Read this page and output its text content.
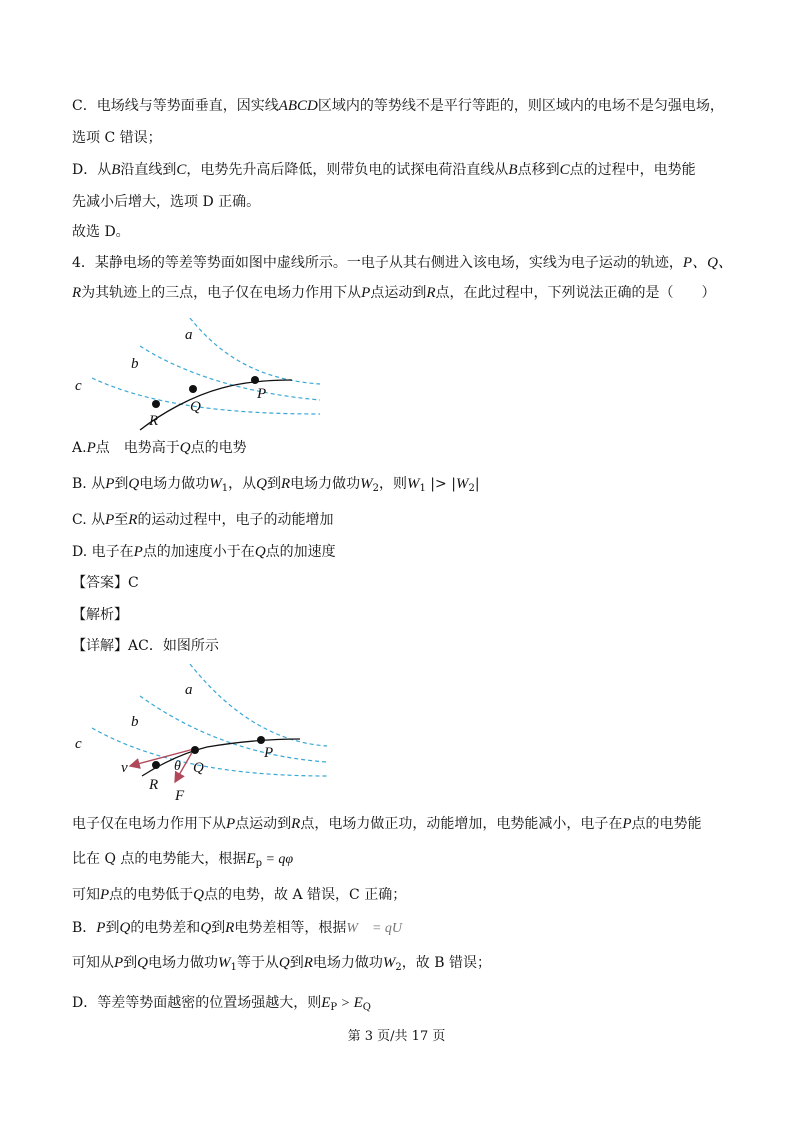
C．电场线与等势面垂直，因实线ABCD区域内的等势线不是平行等距的，则区域内的电场不是匀强电场，
选项 C 错误；
D．从B沿直线到C，电势先升高后降低，则带负电的试探电荷沿直线从B点移到C点的过程中，电势能
先减小后增大，选项 D 正确。
故选 D。
4．某静电场的等差等势面如图中虚线所示。一电子从其右侧进入该电场，实线为电子运动的轨迹，P、Q、
R为其轨迹上的三点，电子仅在电场力作用下从P点运动到R点，在此过程中，下列说法正确的是（　　）
a
b
c	P
Q
R
A.P点　电势高于Q点的电势
B. 从P到Q电场力做功$W_1$，从Q到R电场力做功$W_2$，则$W_1$ |> $|W_2|$
C. 从P至R的运动过程中，电子的动能增加
D. 电子在P点的加速度小于在Q点的加速度
【答案】C
【解析】
【详解】AC．如图所示
a
b
c
P
Q
R
v	θ
F
电子仅在电场力作用下从P点运动到R点，电场力做正功，动能增加，电势能减小，电子在P点的电势能
比在 Q 点的电势能大，根据$E_p = q\varphi$
可知P点的电势低于Q点的电势，故 A 错误，C 正确；
B．P到Q的电势差和Q到R电势差相等，根据W　= qU
可知从P到Q电场力做功$W_1$等于从Q到R电场力做功$W_2$，故 B 错误；
D．等差等势面越密的位置场强越大，则$E_P > E_Q$
第 3 页/共 17 页
